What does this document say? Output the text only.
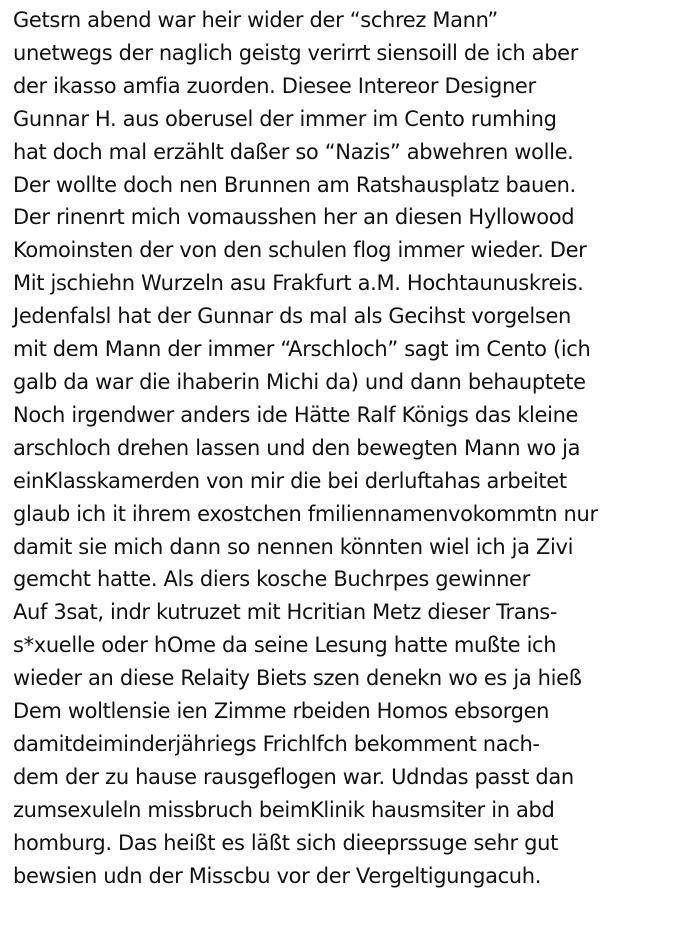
Getsrn abend war heir wider der “schrez Mann”
unetwegs der naglich geistg verirrt siensoill de ich aber
der ikasso amfia zuorden. Diesee Intereor Designer
Gunnar H. aus oberusel der immer im Cento rumhing
hat doch mal erzählt daßer so “Nazis” abwehren wolle.
Der wollte doch nen Brunnen am Ratshausplatz bauen.
Der rinenrt mich vomausshen her an diesen Hyllowood
Komoinsten der von den schulen flog immer wieder. Der
Mit jschiehn Wurzeln asu Frakfurt a.M. Hochtaunuskreis.
Jedenfalsl hat der Gunnar ds mal als Gecihst vorgelsen
mit dem Mann der immer “Arschloch” sagt im Cento (ich
galb da war die ihaberin Michi da) und dann behauptete
Noch irgendwer anders ide Hätte Ralf Königs das kleine
arschloch drehen lassen und den bewegten Mann wo ja
einKlasskamerden von mir die bei derluftahas arbeitet
glaub ich it ihrem exostchen fmiliennamenvokommtn nur
damit sie mich dann so nennen könnten wiel ich ja Zivi
gemcht hatte. Als diers kosche Buchrpes gewinner
Auf 3sat, indr kutruzet mit Hcritian Metz dieser Trans-
s*xuelle oder hOme da seine Lesung hatte mußte ich
wieder an diese Relaity Biets szen denekn wo es ja hieß
Dem woltlensie ien Zimme rbeiden Homos ebsorgen
damitdeiminderjähriegs Frichlfch bekomment nach-
dem der zu hause rausgeflogen war. Udndas passt dan
zumsexuleln missbruch beimKlinik hausmsiter in abd
homburg. Das heißt es läßt sich dieeprssuge sehr gut
bewsien udn der Misscbu vor der Vergeltigungacuh.
